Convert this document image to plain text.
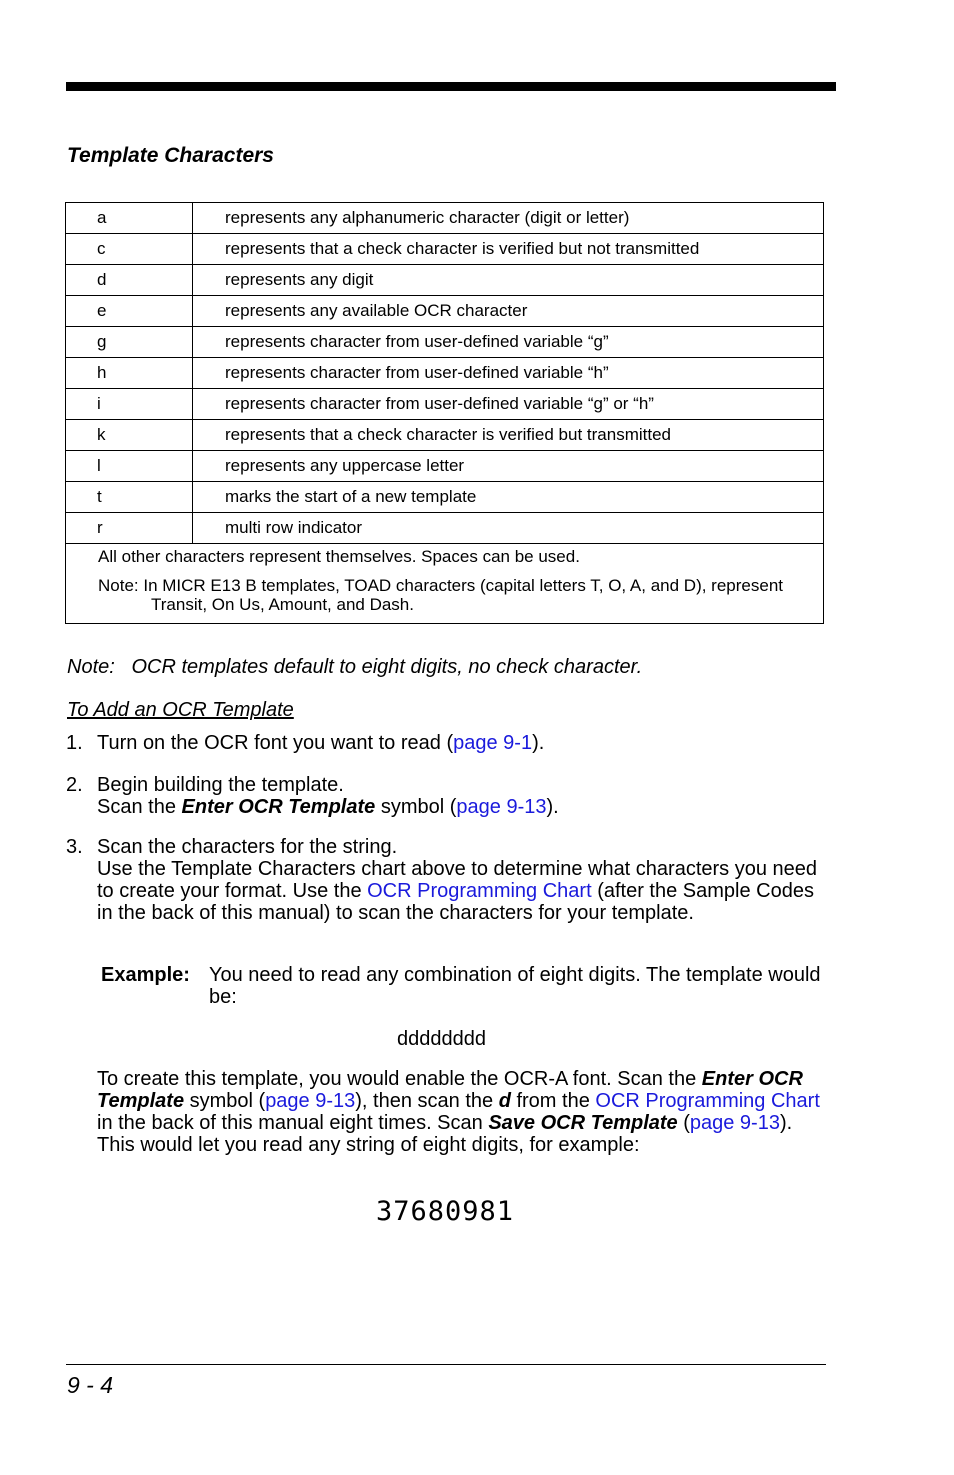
Template Characters
a	represents any alphanumeric character (digit or letter)
c	represents that a check character is verified but not transmitted
d	represents any digit
e	represents any available OCR character
g	represents character from user-defined variable “g”
h	represents character from user-defined variable “h”
i	represents character from user-defined variable “g” or “h”
k	represents that a check character is verified but transmitted
l	represents any uppercase letter
t	marks the start of a new template
r	multi row indicator

All other characters represent themselves. Spaces can be used.

Note: In MICR E13 B templates, TOAD characters (capital letters T, O, A, and D), represent Transit, On Us, Amount, and Dash.	

Note: OCR templates default to eight digits, no check character.

To Add an OCR Template

1. Turn on the OCR font you want to read (page 9-1).

2. Begin building the template.

Scan the Enter OCR Template symbol (page 9-13).

3. Scan the characters for the string.

Use the Template Characters chart above to determine what characters you need to create your format. Use the OCR Programming Chart (after the Sample Codes in the back of this manual) to scan the characters for your template.

Example: You need to read any combination of eight digits. The template would be:

dddddddd

To create this template, you would enable the OCR-A font. Scan the Enter OCR Template symbol (page 9-13), then scan the d from the OCR Programming Chart in the back of this manual eight times. Scan Save OCR Template (page 9-13). This would let you read any string of eight digits, for example:

37680981

9 - 4
